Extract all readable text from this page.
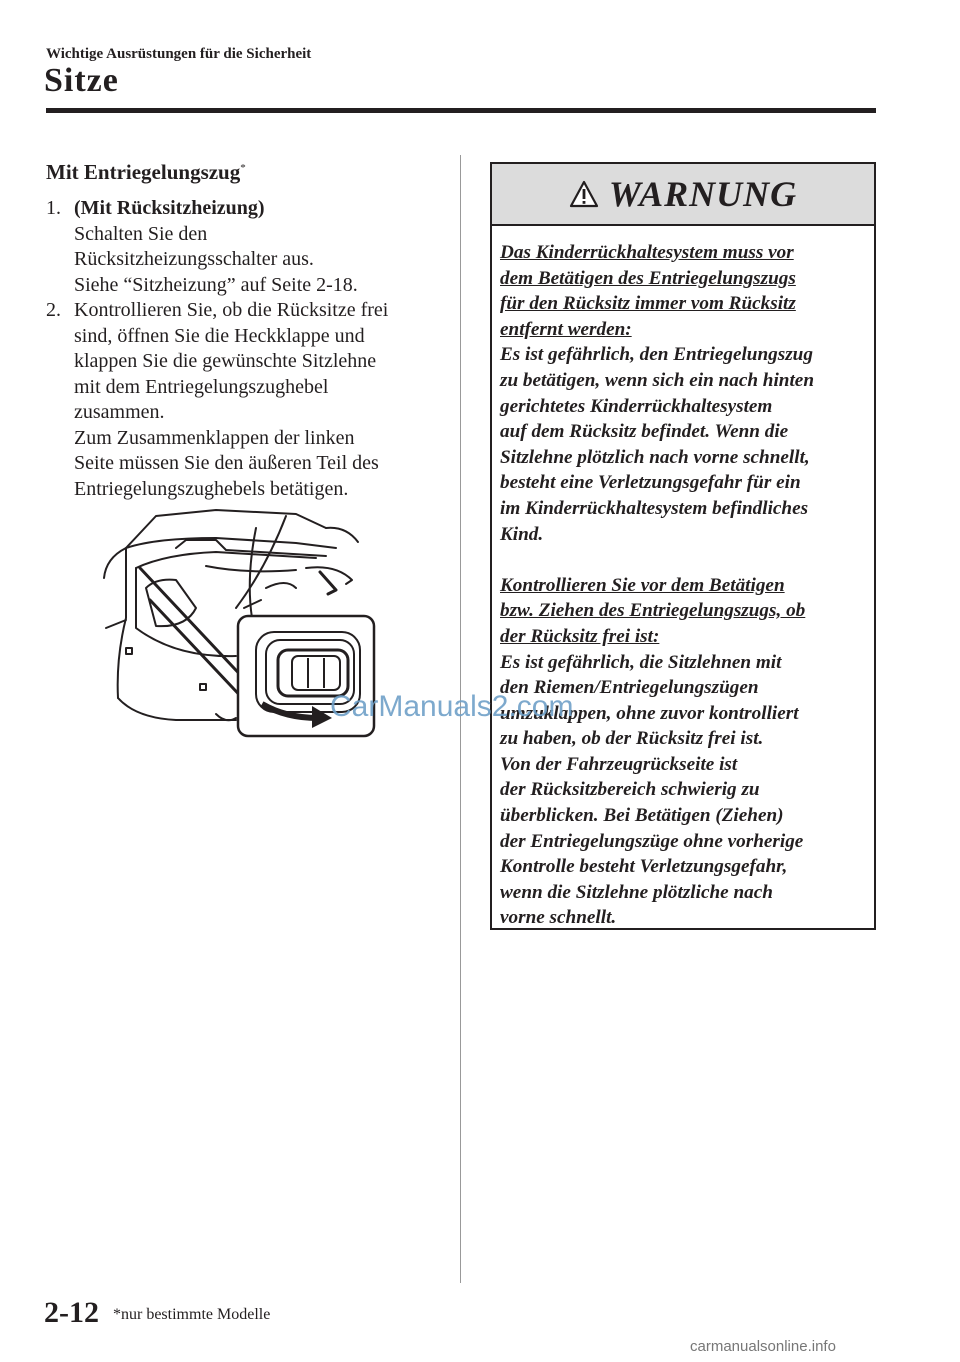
Wichtige Ausrüstungen für die Sicherheit
Sitze
Mit Entriegelungszug*
1. (Mit Rücksitzheizung)

Schalten Sie den

Rücksitzheizungsschalter aus.

Siehe “Sitzheizung” auf Seite 2-18.

2. Kontrollieren Sie, ob die Rücksitze frei

sind, öffnen Sie die Heckklappe und

klappen Sie die gewünschte Sitzlehne

mit dem Entriegelungszughebel

zusammen.

Zum Zusammenklappen der linken

Seite müssen Sie den äußeren Teil des

Entriegelungszughebels betätigen.

WARNUNG

Das Kinderrückhaltesystem muss vor

dem Betätigen des Entriegelungszugs

für den Rücksitz immer vom Rücksitz

entfernt werden:

Es ist gefährlich, den Entriegelungszug

zu betätigen, wenn sich ein nach hinten

gerichtetes Kinderrückhaltesystem

auf dem Rücksitz befindet. Wenn die

Sitzlehne plötzlich nach vorne schnellt,

besteht eine Verletzungsgefahr für ein

im Kinderrückhaltesystem befindliches

Kind.

Kontrollieren Sie vor dem Betätigen

bzw. Ziehen des Entriegelungszugs, ob

der Rücksitz frei ist:

Es ist gefährlich, die Sitzlehnen mit

den Riemen/Entriegelungszügen

umzuklappen, ohne zuvor kontrolliert

zu haben, ob der Rücksitz frei ist.

Von der Fahrzeugrückseite ist

der Rücksitzbereich schwierig zu

überblicken. Bei Betätigen (Ziehen)

der Entriegelungszüge ohne vorherige

Kontrolle besteht Verletzungsgefahr,

wenn die Sitzlehne plötzliche nach

vorne schnellt.

CarManuals2.com
2-12 *nur bestimmte Modelle
carmanualsonline.info
